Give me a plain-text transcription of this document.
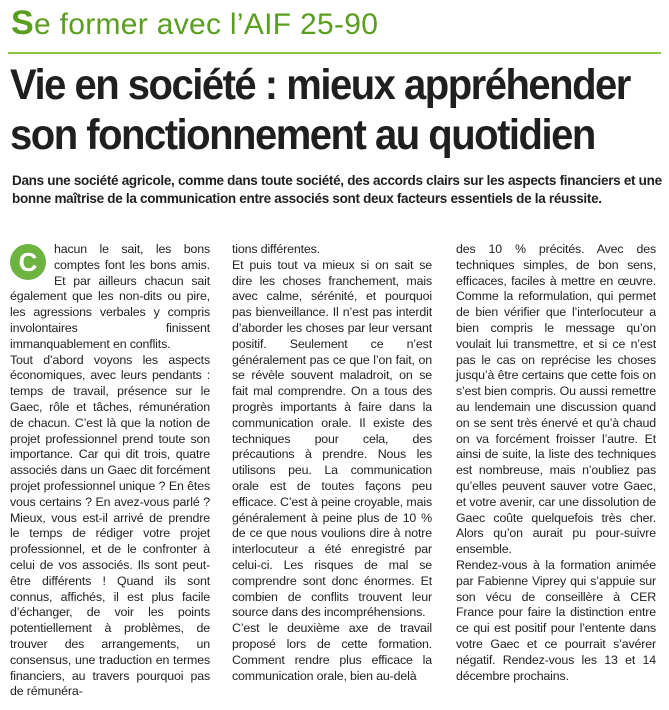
Se former avec l’AIF 25-90
Vie en société : mieux appréhender
son fonctionnement au quotidien
Dans une société agricole, comme dans toute société, des accords clairs sur les aspects financiers et une bonne maîtrise de la communication entre associés sont deux facteurs essentiels de la réussite.

C	hacun le sait, les bons comptes font les bons amis. Et par ailleurs chacun sait également que les non-dits ou pire, les agressions verbales y compris involontaires finissent immanquablement en conflits.

Tout d’abord voyons les aspects économiques, avec leurs pendants : temps de travail, présence sur le Gaec, rôle et tâches, rémunération de chacun. C’est là que la notion de projet professionnel prend toute son importance. Car qui dit trois, quatre associés dans un Gaec dit forcément projet professionnel unique ? En êtes vous certains ? En avez-vous parlé ? Mieux, vous est-il arrivé de prendre le temps de rédiger votre projet professionnel, et de le confronter à celui de vos associés. Ils sont peut-être différents ! Quand ils sont connus, affichés, il est plus facile d’échanger, de voir les points potentiellement à problèmes, de trouver des arrangements, un consensus, une traduction en termes financiers, au travers pourquoi pas de rémunéra-

tions différentes.

Et puis tout va mieux si on sait se dire les choses franchement, mais avec calme, sérénité, et pourquoi pas bienveillance. Il n’est pas interdit d’aborder les choses par leur versant positif. Seulement ce n’est généralement pas ce que l’on fait, on se révèle souvent maladroit, on se fait mal comprendre. On a tous des progrès importants à faire dans la communication orale. Il existe des techniques pour cela, des précautions à prendre. Nous les utilisons peu. La communication orale est de toutes façons peu efficace. C’est à peine croyable, mais généralement à peine plus de 10 % de ce que nous voulions dire à notre interlocuteur a été enregistré par celui-ci. Les risques de mal se comprendre sont donc énormes. Et combien de conflits trouvent leur source dans des incompréhensions.

C’est le deuxième axe de travail proposé lors de cette formation. Comment rendre plus efficace la communication orale, bien au-delà

des 10 % précités. Avec des techniques simples, de bon sens, efficaces, faciles à mettre en œuvre. Comme la reformulation, qui permet de bien vérifier que l’interlocuteur a bien compris le message qu’on voulait lui transmettre, et si ce n’est pas le cas on reprécise les choses jusqu’à être certains que cette fois on s’est bien compris. Ou aussi remettre au lendemain une discussion quand on se sent très énervé et qu’à chaud on va forcément froisser l’autre. Et ainsi de suite, la liste des techniques est nombreuse, mais n’oubliez pas qu’elles peuvent sauver votre Gaec, et votre avenir, car une dissolution de Gaec coûte quelquefois très cher. Alors qu’on aurait pu pour-suivre ensemble.

Rendez-vous à la formation animée par Fabienne Viprey qui s’appuie sur son vécu de conseillère à CER France pour faire la distinction entre ce qui est positif pour l’entente dans votre Gaec et ce pourrait s’avérer négatif. Rendez-vous les 13 et 14 décembre prochains.
